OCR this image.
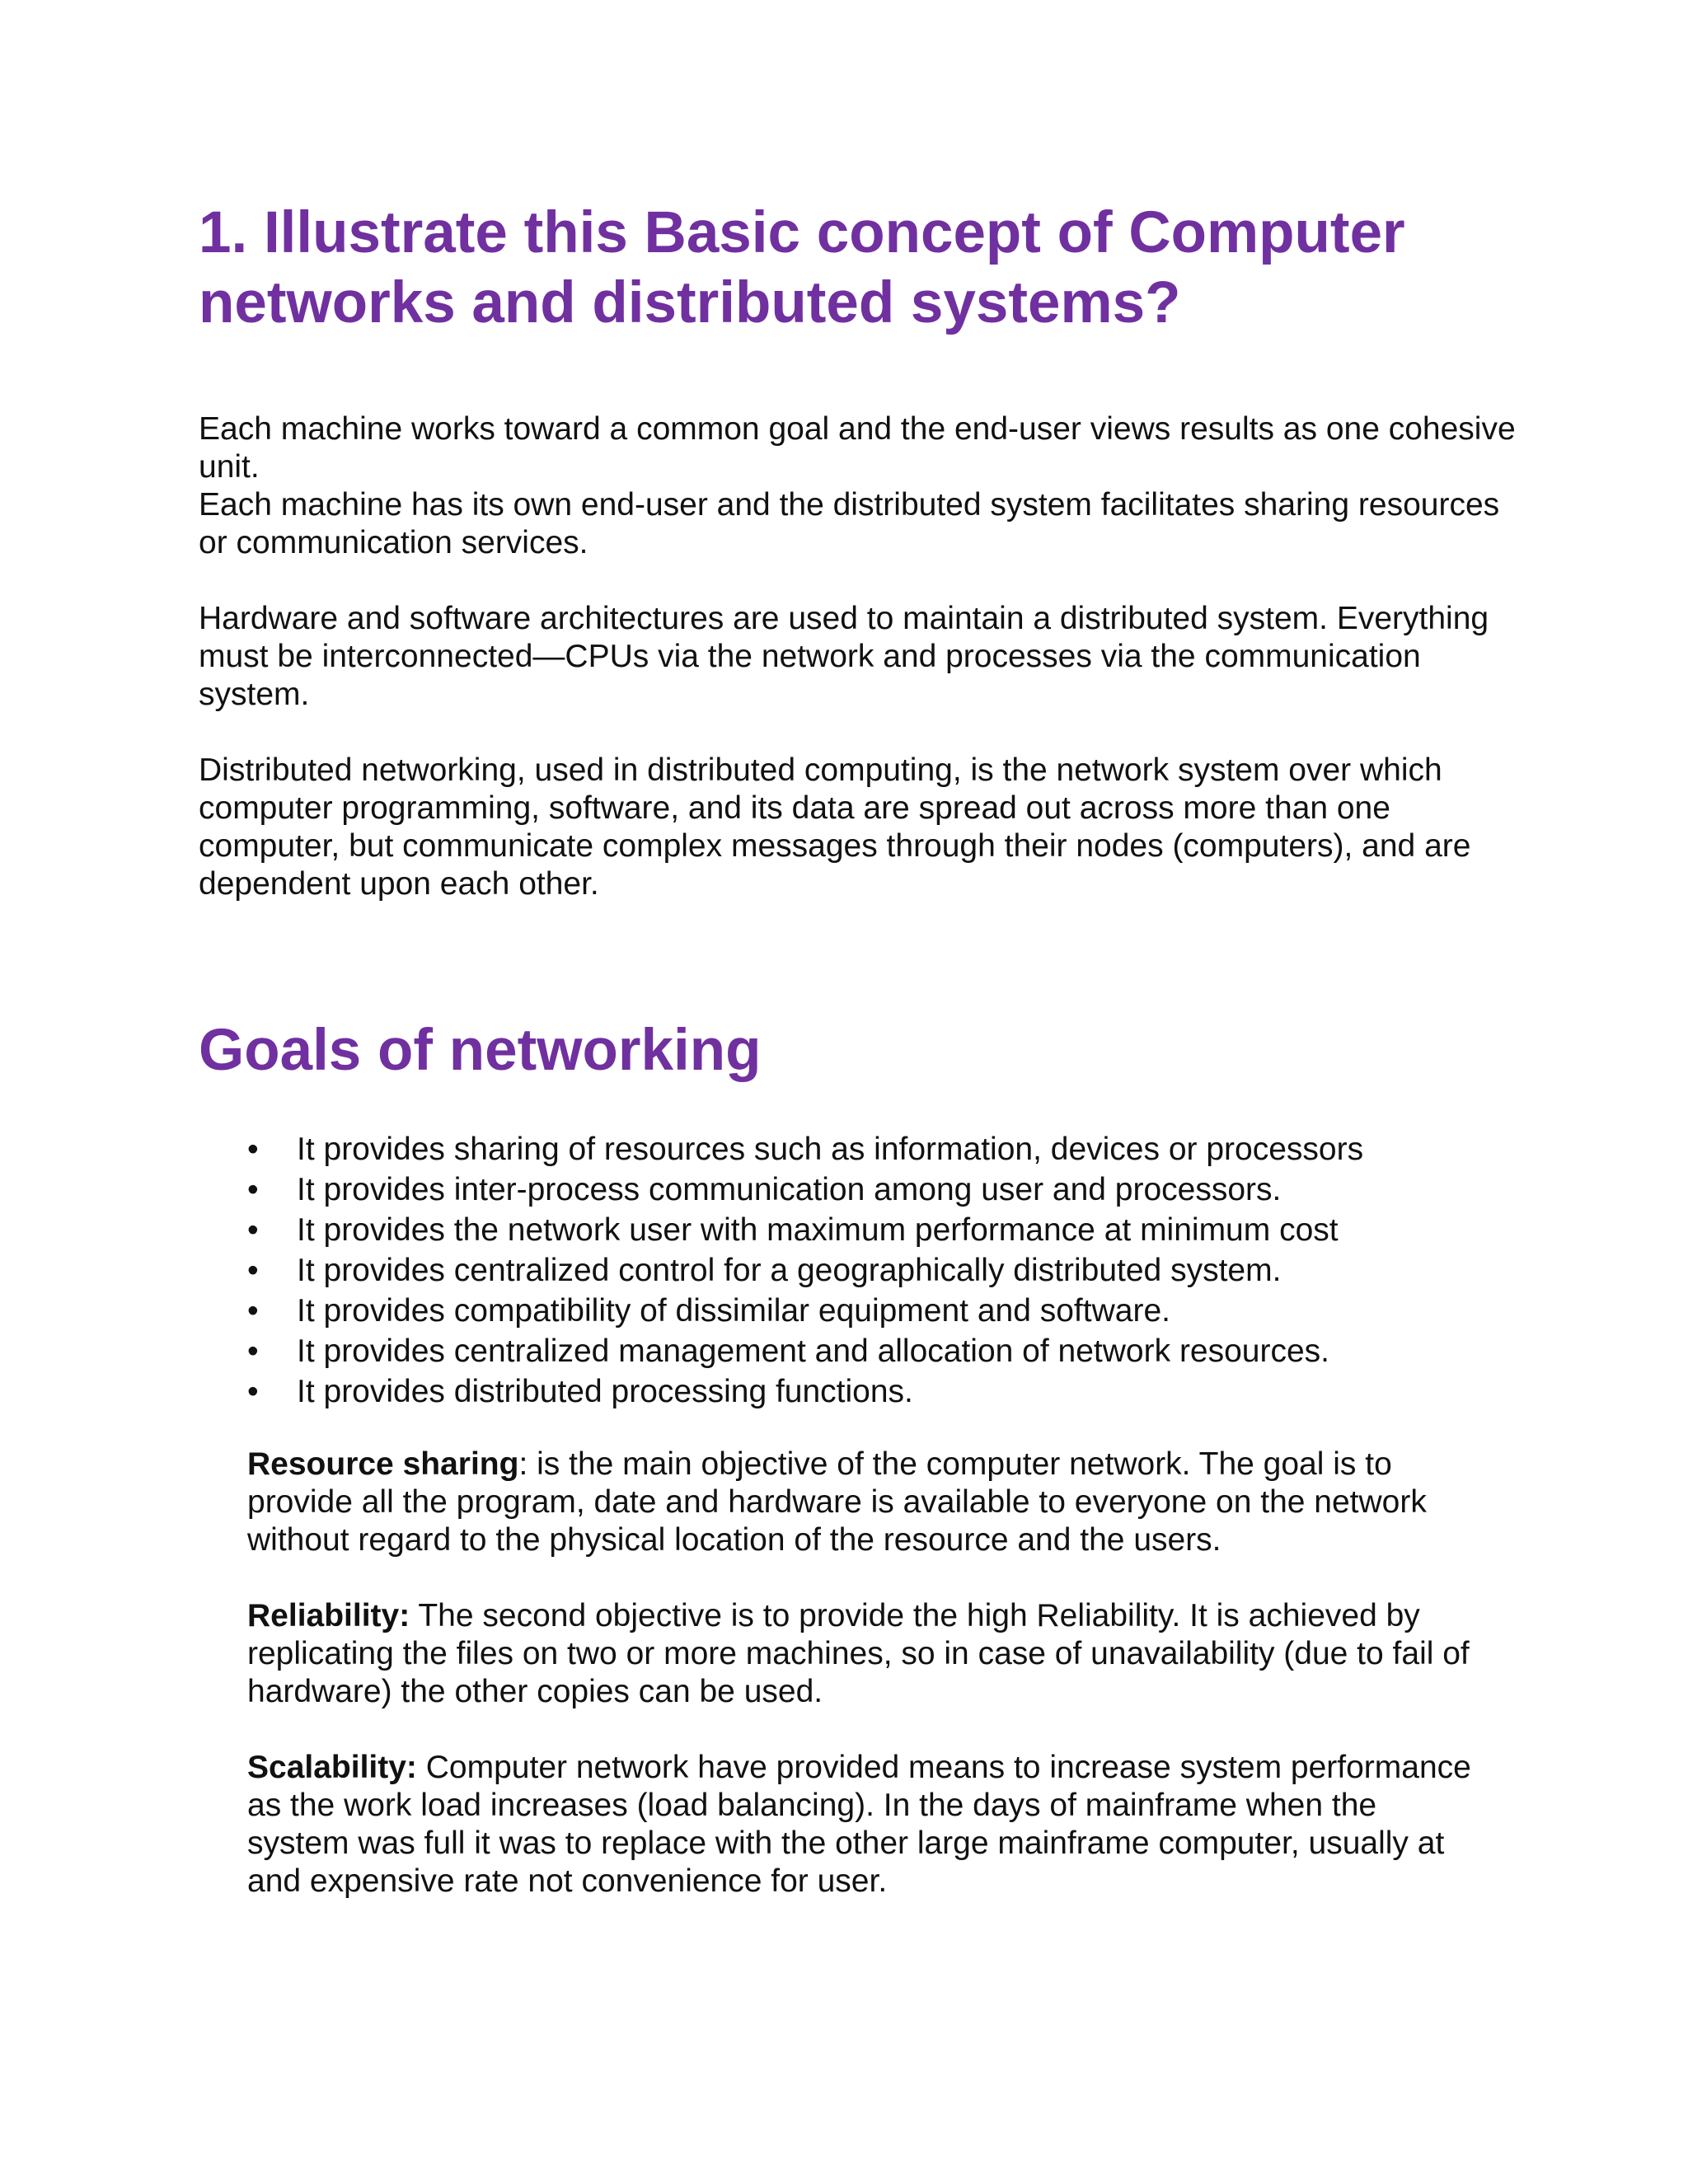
1. Illustrate this Basic concept of Computer networks and distributed systems?

Each machine works toward a common goal and the end-user views results as one cohesive unit.
Each machine has its own end-user and the distributed system facilitates sharing resources or communication services.

Hardware and software architectures are used to maintain a distributed system. Everything must be interconnected—CPUs via the network and processes via the communication system.

Distributed networking, used in distributed computing, is the network system over which computer programming, software, and its data are spread out across more than one computer, but communicate complex messages through their nodes (computers), and are dependent upon each other.

Goals of networking
•	It provides sharing of resources such as information, devices or processors
•	It provides inter-process communication among user and processors.
•	It provides the network user with maximum performance at minimum cost
•	It provides centralized control for a geographically distributed system.
•	It provides compatibility of dissimilar equipment and software.
•	It provides centralized management and allocation of network resources.
•	It provides distributed processing functions.

Resource sharing: is the main objective of the computer network. The goal is to provide all the program, date and hardware is available to everyone on the network without regard to the physical location of the resource and the users.

Reliability: The second objective is to provide the high Reliability. It is achieved by replicating the files on two or more machines, so in case of unavailability (due to fail of hardware) the other copies can be used.

Scalability: Computer network have provided means to increase system performance as the work load increases (load balancing). In the days of mainframe when the system was full it was to replace with the other large mainframe computer, usually at and expensive rate not convenience for user.
